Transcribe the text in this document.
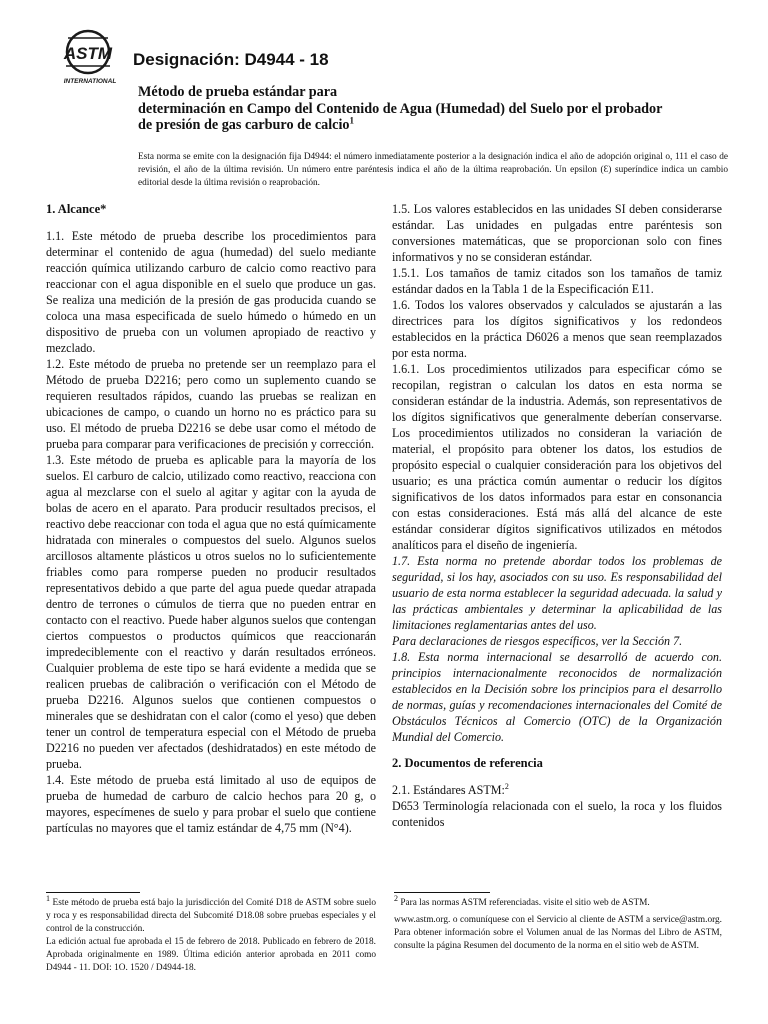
ASTM
INTERNATIONAL
Designación: D4944 - 18
Método de prueba estándar para
determinación en Campo del Contenido de Agua (Humedad) del Suelo por el probador
de presión de gas carburo de calcio$^1$
Esta norma se emite con la designación fija D4944: el número inmediatamente posterior a la designación indica el año de adopción original o, 111 el caso de revisión, el año de la última revisión. Un número entre paréntesis indica el año de la última reaprobación. Un epsilon (Ɛ) superíndice indica un cambio editorial desde la última revisión o reaprobación.

1. Alcance*

1.1. Este método de prueba describe los procedimientos para determinar el contenido de agua (humedad) del suelo mediante reacción química utilizando carburo de calcio como reactivo para reaccionar con el agua disponible en el suelo que produce un gas. Se realiza una medición de la presión de gas producida cuando se coloca una masa especificada de suelo húmedo o húmedo en un dispositivo de prueba con un volumen apropiado de reactivo y mezclado.

1.2. Este método de prueba no pretende ser un reemplazo para el Método de prueba D2216; pero como un suplemento cuando se requieren resultados rápidos, cuando las pruebas se realizan en ubicaciones de campo, o cuando un horno no es práctico para su uso. El método de prueba D2216 se debe usar como el método de prueba para comparar para verificaciones de precisión y corrección.

1.3. Este método de prueba es aplicable para la mayoría de los suelos. El carburo de calcio, utilizado como reactivo, reacciona con agua al mezclarse con el suelo al agitar y agitar con la ayuda de bolas de acero en el aparato. Para producir resultados precisos, el reactivo debe reaccionar con toda el agua que no está químicamente hidratada con minerales o compuestos del suelo. Algunos suelos arcillosos altamente plásticos u otros suelos no lo suficientemente friables como para romperse pueden no producir resultados representativos debido a que parte del agua puede quedar atrapada dentro de terrones o cúmulos de tierra que no pueden entrar en contacto con el reactivo. Puede haber algunos suelos que contengan ciertos compuestos o productos químicos que reaccionarán impredeciblemente con el reactivo y darán resultados erróneos. Cualquier problema de este tipo se hará evidente a medida que se realicen pruebas de calibración o verificación con el Método de prueba D2216. Algunos suelos que contienen compuestos o minerales que se deshidratan con el calor (como el yeso) que deben tener un control de temperatura especial con el Método de prueba D2216 no pueden ver afectados (deshidratados) en este método de prueba.

1.4. Este método de prueba está limitado al uso de equipos de prueba de humedad de carburo de calcio hechos para 20 g, o mayores, especímenes de suelo y para probar el suelo que contiene partículas no mayores que el tamiz estándar de 4,75 mm (N°4).

1.5. Los valores establecidos en las unidades SI deben considerarse estándar. Las unidades en pulgadas entre paréntesis son conversiones matemáticas, que se proporcionan solo con fines informativos y no se consideran estándar.

1.5.1. Los tamaños de tamiz citados son los tamaños de tamiz estándar dados en la Tabla 1 de la Especificación E11.

1.6. Todos los valores observados y calculados se ajustarán a las directrices para los dígitos significativos y los redondeos establecidos en la práctica D6026 a menos que sean reemplazados por esta norma.

1.6.1. Los procedimientos utilizados para especificar cómo se recopilan, registran o calculan los datos en esta norma se consideran estándar de la industria. Además, son representativos de los dígitos significativos que generalmente deberían conservarse. Los procedimientos utilizados no consideran la variación de material, el propósito para obtener los datos, los estudios de propósito especial o cualquier consideración para los objetivos del usuario; es una práctica común aumentar o reducir los dígitos significativos de los datos informados para estar en consonancia con estas consideraciones. Está más allá del alcance de este estándar considerar dígitos significativos utilizados en métodos analíticos para el diseño de ingeniería.

1.7. Esta norma no pretende abordar todos los problemas de seguridad, si los hay, asociados con su uso. Es responsabilidad del usuario de esta norma establecer la seguridad adecuada. la salud y las prácticas ambientales y determinar la aplicabilidad de las limitaciones reglamentarias antes del uso.

Para declaraciones de riesgos específicos, ver la Sección 7.

1.8. Esta norma internacional se desarrolló de acuerdo con. principios internacionalmente reconocidos de normalización establecidos en la Decisión sobre los principios para el desarrollo de normas, guías y recomendaciones internacionales del Comité de Obstáculos Técnicos al Comercio (OTC) de la Organización Mundial del Comercio.

2. Documentos de referencia

2.1. Estándares ASTM:$^2$

D653 Terminología relacionada con el suelo, la roca y los fluidos contenidos

$^1$ Este método de prueba está bajo la jurisdicción del Comité D18 de ASTM sobre suelo y roca y es responsabilidad directa del Subcomité D18.08 sobre pruebas especiales y el control de la construcción.

La edición actual fue aprobada el 15 de febrero de 2018. Publicado en febrero de 2018. Aprobada originalmente en 1989. Última edición anterior aprobada en 2011 como D4944 - 11. DOI: 1O. 1520 / D4944-18.

$^2$ Para las normas ASTM referenciadas. visite el sitio web de ASTM.

www.astm.org. o comuníquese con el Servicio al cliente de ASTM a service@astm.org. Para obtener información sobre el Volumen anual de las Normas del Libro de ASTM, consulte la página Resumen del documento de la norma en el sitio web de ASTM.
